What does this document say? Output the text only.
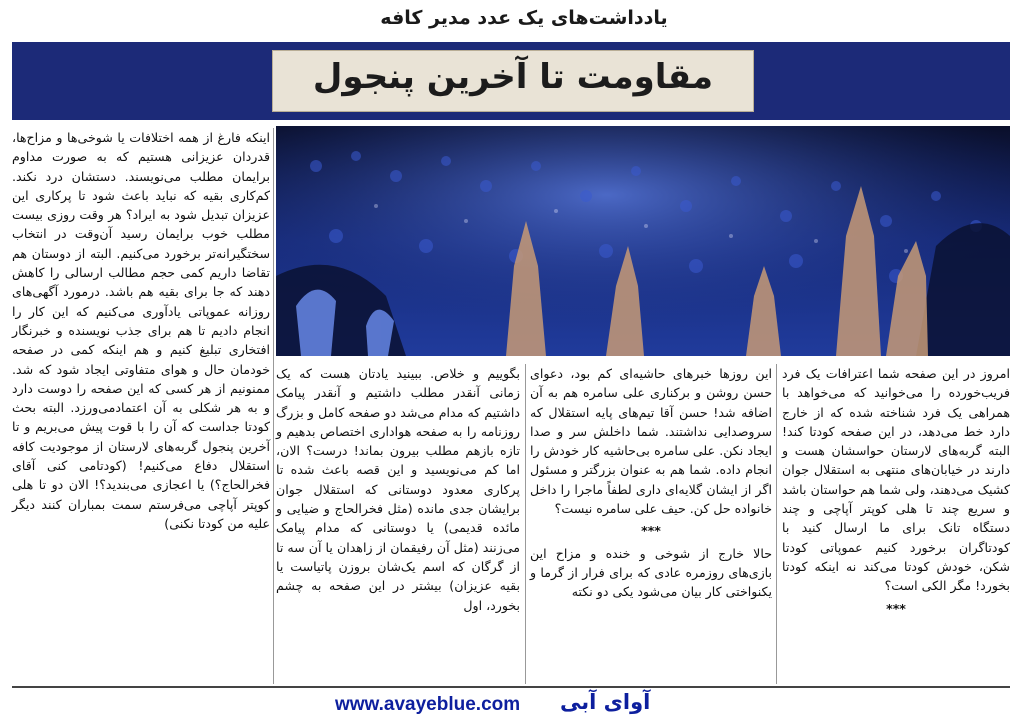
یادداشت‌های یک عدد مدیر کافه
مقاومت تا آخرین پنجول

اینکه فارغ از همه اختلافات یا شوخی‌ها و مزاح‌ها، قدردان عزیزانی هستیم که به صورت مداوم برایمان مطلب می‌نویسند. دستشان درد نکند. کم‌کاری بقیه که نباید باعث شود تا پرکاری این عزیزان تبدیل شود به ایراد؟ هر وقت روزی بیست مطلب خوب برایمان رسید آن‌وقت در انتخاب سختگیرانه‌تر برخورد می‌کنیم. البته از دوستان هم تقاضا داریم کمی حجم مطالب ارسالی را کاهش دهند که جا برای بقیه هم باشد. درمورد آگهی‌های روزانه عموپاتی یادآوری می‌کنیم که این کار را انجام دادیم تا هم برای جذب نویسنده و خبرنگار افتخاری تبلیغ کنیم و هم اینکه کمی در صفحه خودمان حال و هوای متفاوتی ایجاد شود که شد. ممنونیم از هر کسی که این صفحه را دوست دارد و به هر شکلی به آن اعتمادمی‌ورزد. البته بحث کودتا جداست که آن را با قوت پیش می‌بریم و تا آخرین پنجول گربه‌های لارستان از موجودیت کافه استقلال دفاع می‌کنیم! (کودتامی کنی آقای فخرالحاج؟) یا اعجازی می‌بندید؟! الان دو تا هلی کوپتر آپاچی می‌فرستم سمت بمباران کنند دیگر علیه من کودتا نکنی)

امروز در این صفحه شما اعترافات یک فرد فریب‌خورده را می‌خوانید که می‌خواهد با همراهی یک فرد شناخته شده که از خارج دارد خط می‌دهد، در این صفحه کودتا کند! البته گربه‌های لارستان حواسشان هست و دارند در خیابان‌های منتهی به استقلال جوان کشیک می‌دهند، ولی شما هم حواستان باشد و سریع چند تا هلی کوپتر آپاچی و چند دستگاه تانک برای ما ارسال کنید با کودتاگران برخورد کنیم عموپاتی کودتا شکن، خودش کودتا می‌کند نه اینکه کودتا بخورد! مگر الکی است؟

***

این روزها خبرهای حاشیه‌ای کم بود، دعوای حسن روشن و برکناری علی سامره هم به آن اضافه شد! حسن آقا تیم‌های پایه استقلال که سروصدایی نداشتند. شما داخلش سر و صدا ایجاد نکن. علی سامره بی‌حاشیه کار خودش را انجام داده. شما هم به عنوان بزرگتر و مسئول اگر از ایشان گلایه‌ای داری لطفاً ماجرا را داخل خانواده حل کن. حیف علی سامره نیست؟

***

حالا خارج از شوخی و خنده و مزاح این بازی‌های روزمره عادی که برای فرار از گرما و یکنواختی کار بیان می‌شود یکی دو نکته

بگوییم و خلاص. ببینید یادتان هست که یک زمانی آنقدر مطلب داشتیم و آنقدر پیامک داشتیم که مدام می‌شد دو صفحه کامل و بزرگ روزنامه را به صفحه هواداری اختصاص بدهیم و تازه بازهم مطلب بیرون بماند! درست؟ الان، اما کم می‌نویسید و این قصه باعث شده تا پرکاری معدود دوستانی که استقلال جوان برایشان جدی مانده (مثل فخرالحاج و ضیایی و مائده قدیمی) یا دوستانی که مدام پیامک می‌زنند (مثل آن رفیقمان از زاهدان یا آن سه تا از گرگان که اسم یک‌شان بروزن پاتیاست یا بقیه عزیزان) بیشتر در این صفحه به چشم بخورد، اول

www.avayeblue.com آوای آبی
